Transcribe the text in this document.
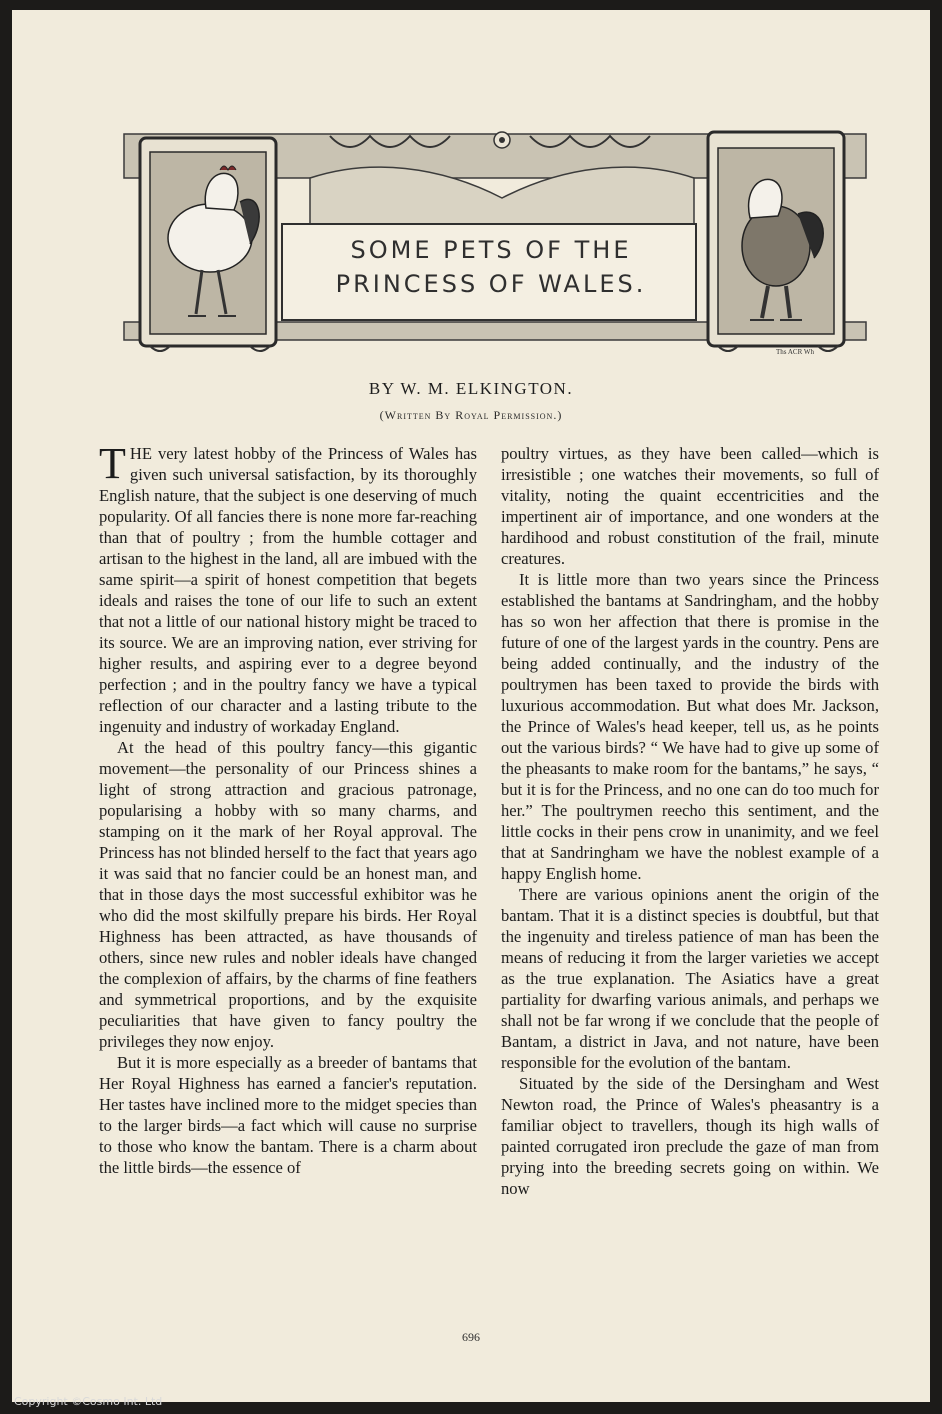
Ths ACR Wh
SOME PETS OF THE
PRINCESS OF WALES.
BY W. M. ELKINGTON.
(Written By Royal Permission.)

THE very latest hobby of the Princess of Wales has given such universal satisfaction, by its thoroughly English nature, that the subject is one deserving of much popularity. Of all fancies there is none more far-reaching than that of poultry ; from the humble cottager and artisan to the highest in the land, all are imbued with the same spirit—a spirit of honest competition that begets ideals and raises the tone of our life to such an extent that not a little of our national history might be traced to its source. We are an improving nation, ever striving for higher results, and aspiring ever to a degree beyond perfection ; and in the poultry fancy we have a typical reflection of our character and a lasting tribute to the ingenuity and industry of workaday England.

At the head of this poultry fancy—this gigantic movement—the personality of our Princess shines a light of strong attraction and gracious patronage, popularising a hobby with so many charms, and stamping on it the mark of her Royal approval. The Princess has not blinded herself to the fact that years ago it was said that no fancier could be an honest man, and that in those days the most successful exhibitor was he who did the most skilfully prepare his birds. Her Royal Highness has been attracted, as have thousands of others, since new rules and nobler ideals have changed the complexion of affairs, by the charms of fine feathers and symmetrical proportions, and by the exquisite peculiarities that have given to fancy poultry the privileges they now enjoy.

But it is more especially as a breeder of bantams that Her Royal Highness has earned a fancier's reputation. Her tastes have inclined more to the midget species than to the larger birds—a fact which will cause no surprise to those who know the bantam. There is a charm about the little birds—the essence of

poultry virtues, as they have been called—which is irresistible ; one watches their movements, so full of vitality, noting the quaint eccentricities and the impertinent air of importance, and one wonders at the hardihood and robust constitution of the frail, minute creatures.

It is little more than two years since the Princess established the bantams at Sandringham, and the hobby has so won her affection that there is promise in the future of one of the largest yards in the country. Pens are being added continually, and the industry of the poultrymen has been taxed to provide the birds with luxurious accommodation. But what does Mr. Jackson, the Prince of Wales's head keeper, tell us, as he points out the various birds? “ We have had to give up some of the pheasants to make room for the bantams,” he says, “ but it is for the Princess, and no one can do too much for her.” The poultrymen reecho this sentiment, and the little cocks in their pens crow in unanimity, and we feel that at Sandringham we have the noblest example of a happy English home.

There are various opinions anent the origin of the bantam. That it is a distinct species is doubtful, but that the ingenuity and tireless patience of man has been the means of reducing it from the larger varieties we accept as the true explanation. The Asiatics have a great partiality for dwarfing various animals, and perhaps we shall not be far wrong if we conclude that the people of Bantam, a district in Java, and not nature, have been responsible for the evolution of the bantam.

Situated by the side of the Dersingham and West Newton road, the Prince of Wales's pheasantry is a familiar object to travellers, though its high walls of painted corrugated iron preclude the gaze of man from prying into the breeding secrets going on within. We now

696
Copyright ©Cosmo Int. Ltd
